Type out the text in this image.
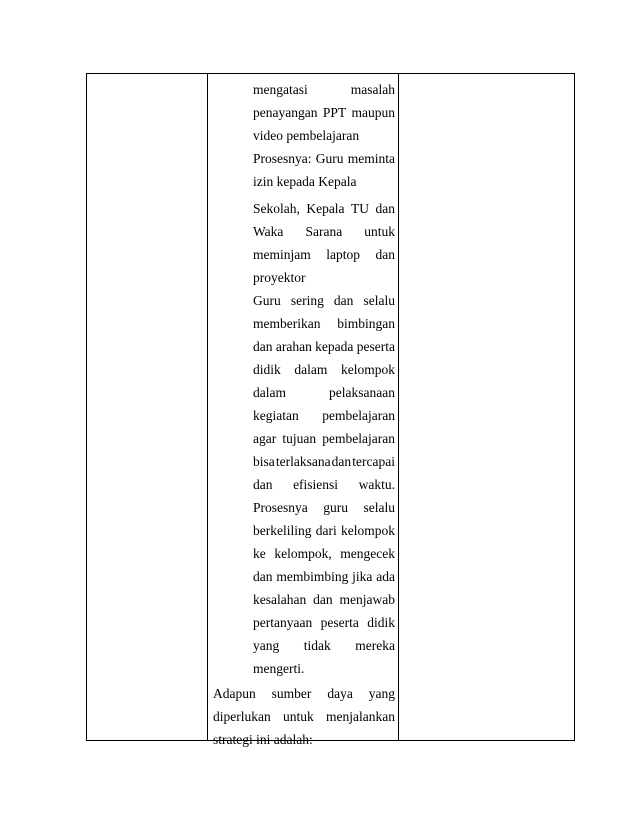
mengatasi	masalah
penayangan PPT maupun
video pembelajaran
Prosesnya: Guru meminta
izin kepada Kepala
Sekolah, Kepala TU dan
Waka Sarana untuk
meminjam laptop dan
proyektor
Guru sering dan selalu
memberikan bimbingan
dan arahan kepada peserta
didik dalam kelompok
dalam	pelaksanaan
kegiatan pembelajaran
agar tujuan pembelajaran
bisa terlaksana dan tercapai
dan efisiensi waktu.
Prosesnya guru selalu
berkeliling dari kelompok
ke kelompok, mengecek
dan membimbing jika ada
kesalahan dan menjawab
pertanyaan peserta didik
yang tidak mereka
mengerti.
Adapun sumber daya yang
diperlukan untuk menjalankan
strategi ini adalah:
